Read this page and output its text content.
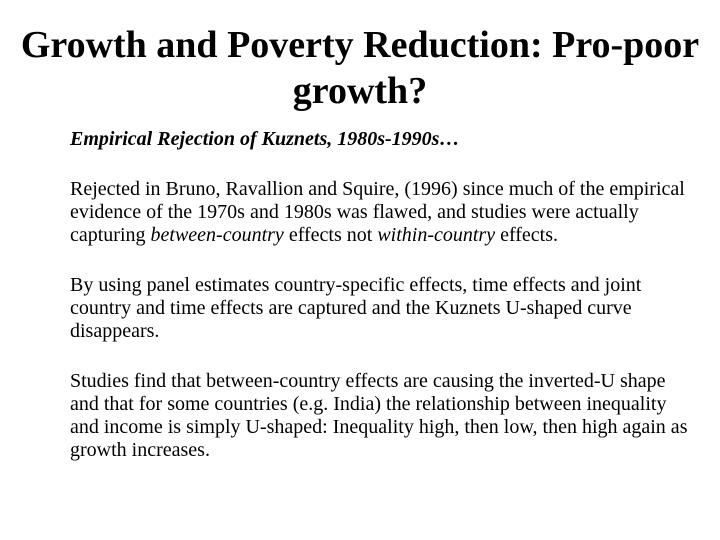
Growth and Poverty Reduction: Pro-poor growth?
Empirical Rejection of Kuznets, 1980s-1990s…
Rejected in Bruno, Ravallion and Squire, (1996) since much of the empirical evidence of the 1970s and 1980s was flawed, and studies were actually capturing between-country effects not within-country effects.
By using panel estimates country-specific effects, time effects and joint country and time effects are captured and the Kuznets U-shaped curve disappears.
Studies find that between-country effects are causing the inverted-U shape and that for some countries (e.g. India) the relationship between inequality and income is simply U-shaped: Inequality high, then low, then high again as growth increases.
